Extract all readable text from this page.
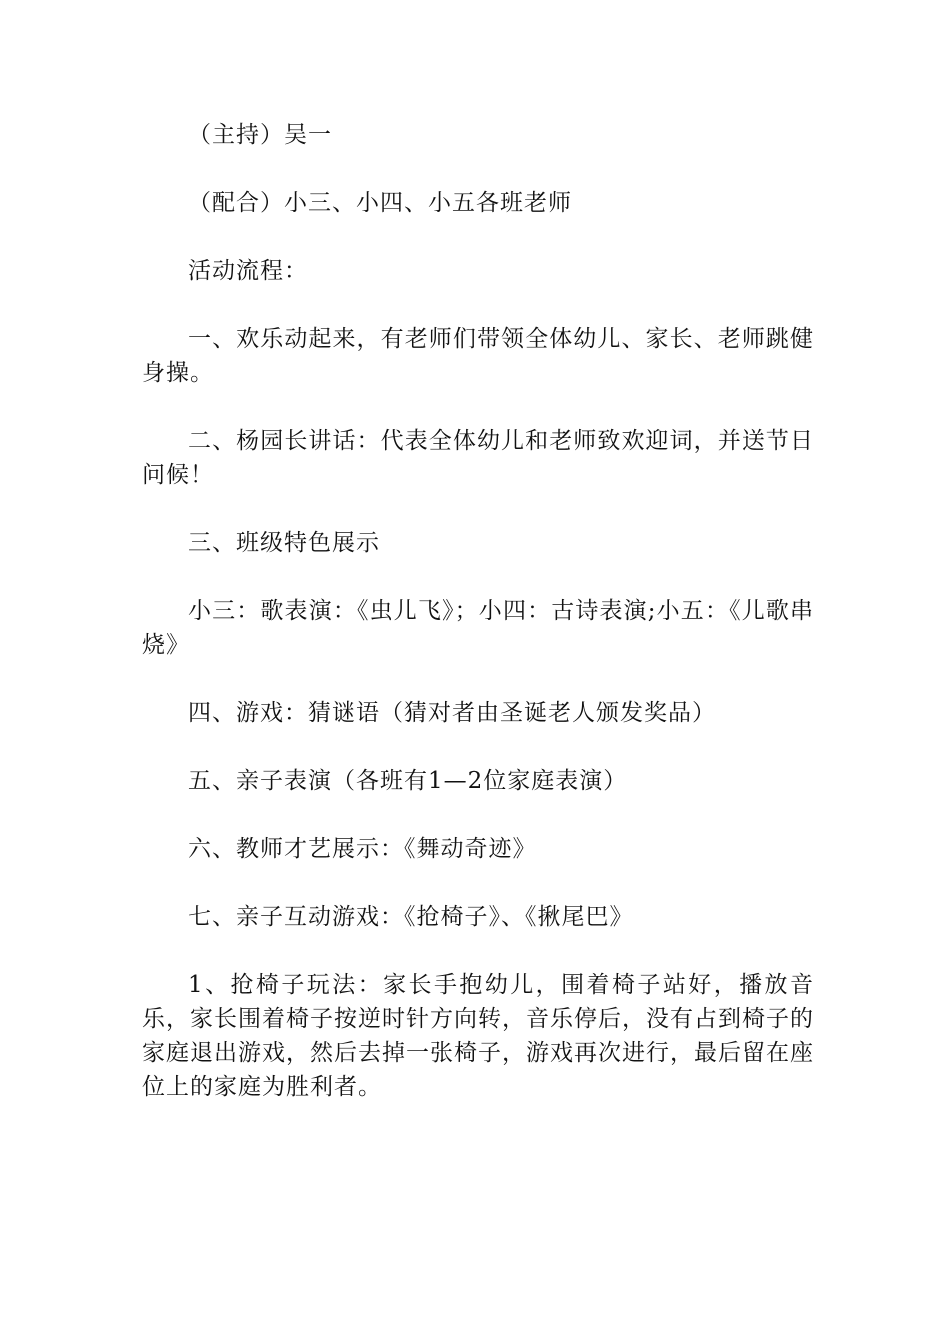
（主持）吴一

（配合）小三、小四、小五各班老师

活动流程：

一、欢乐动起来，有老师们带领全体幼儿、家长、老师跳健身操。

二、杨园长讲话：代表全体幼儿和老师致欢迎词，并送节日问候！

三、班级特色展示

小三：歌表演：《虫儿飞》；小四：古诗表演;小五：《儿歌串烧》

四、游戏：猜谜语（猜对者由圣诞老人颁发奖品）

五、亲子表演（各班有1—2位家庭表演）

六、教师才艺展示：《舞动奇迹》

七、亲子互动游戏：《抢椅子》、《揪尾巴》

1、抢椅子玩法：家长手抱幼儿，围着椅子站好，播放音乐，家长围着椅子按逆时针方向转，音乐停后，没有占到椅子的家庭退出游戏，然后去掉一张椅子，游戏再次进行，最后留在座位上的家庭为胜利者。
